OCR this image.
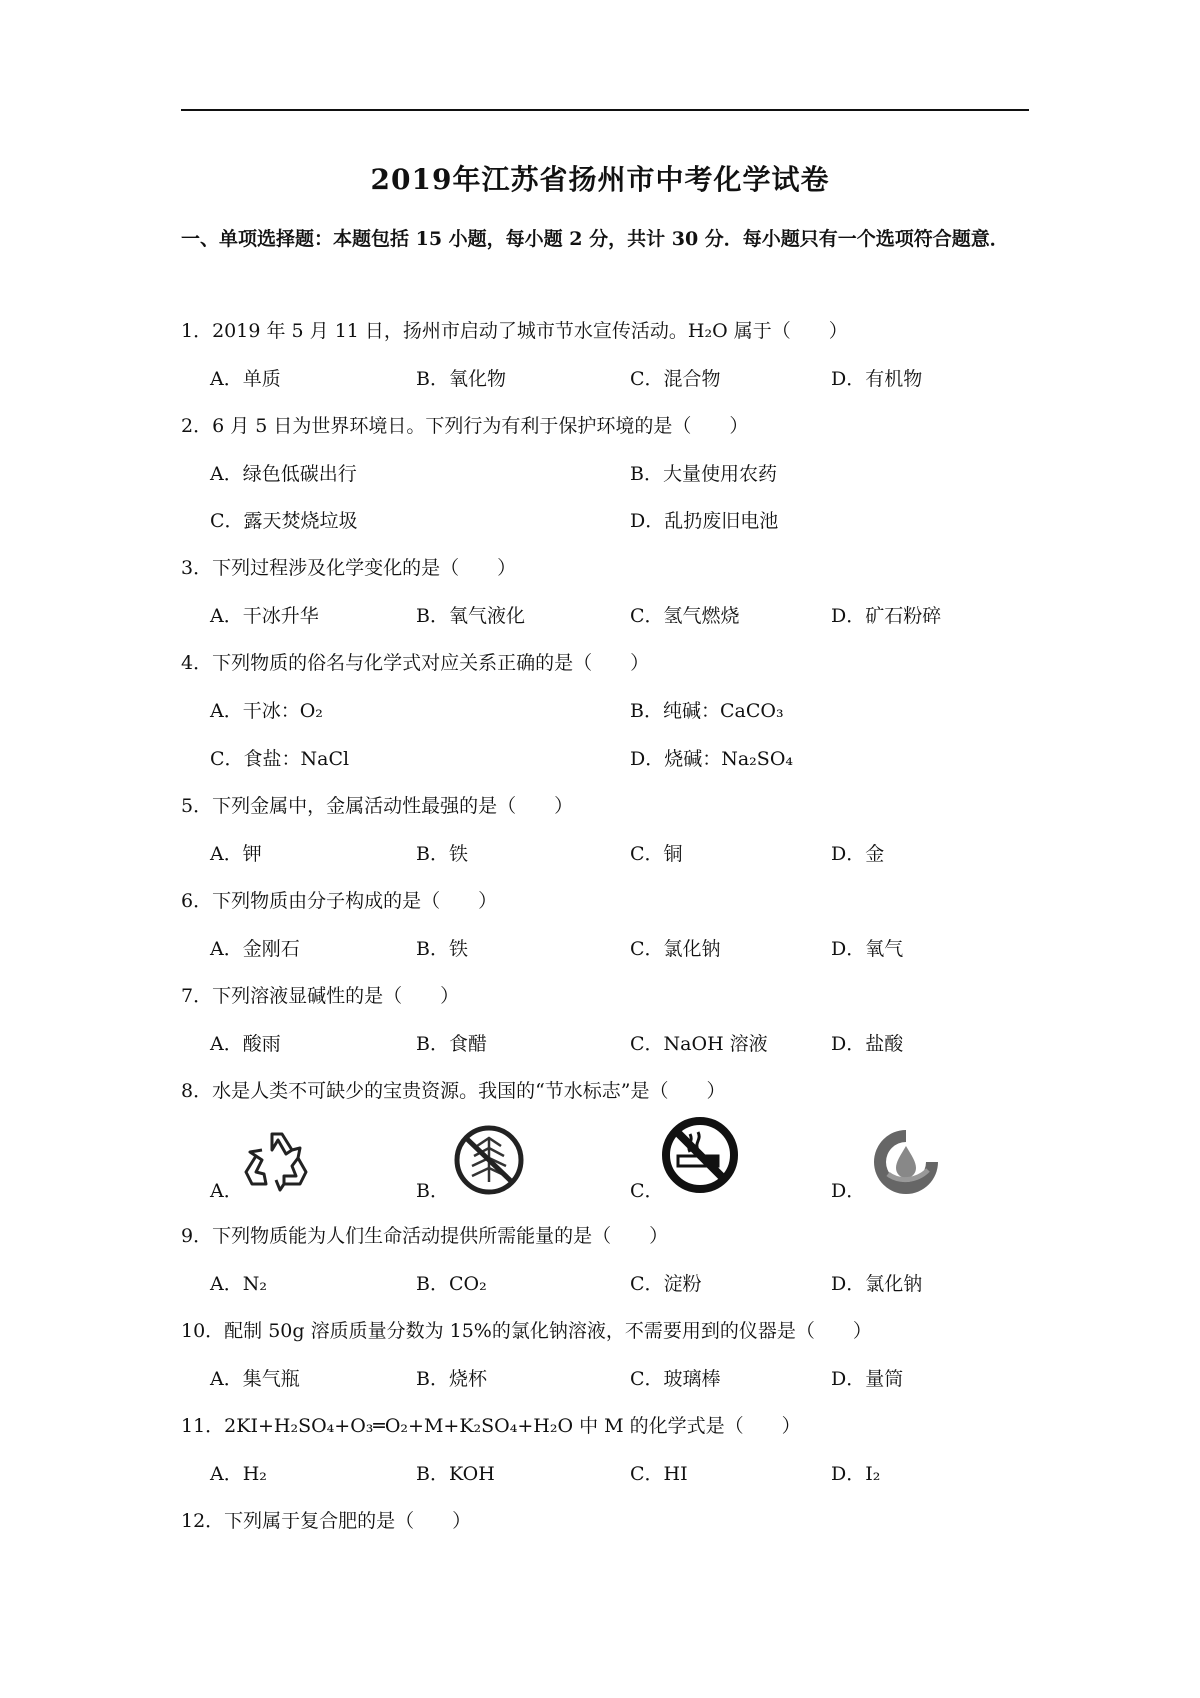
2019年江苏省扬州市中考化学试卷
一、单项选择题：本题包括 15 小题，每小题 2 分，共计 30 分．每小题只有一个选项符合题意．
1．2019 年 5 月 11 日，扬州市启动了城市节水宣传活动。H₂O 属于（　　）
A．单质	B．氧化物	C．混合物	D．有机物
2．6 月 5 日为世界环境日。下列行为有利于保护环境的是（　　）
A．绿色低碳出行	B．大量使用农药
C．露天焚烧垃圾	D．乱扔废旧电池
3．下列过程涉及化学变化的是（　　）
A．干冰升华	B．氧气液化	C．氢气燃烧	D．矿石粉碎
4．下列物质的俗名与化学式对应关系正确的是（　　）
A．干冰：O₂	B．纯碱：CaCO₃
C．食盐：NaCl	D．烧碱：Na₂SO₄
5．下列金属中，金属活动性最强的是（　　）
A．钾	B．铁	C．铜	D．金
6．下列物质由分子构成的是（　　）
A．金刚石	B．铁	C．氯化钠	D．氧气
7．下列溶液显碱性的是（　　）
A．酸雨	B．食醋	C．NaOH 溶液	D．盐酸
8．水是人类不可缺少的宝贵资源。我国的“节水标志”是（　　）
A．	B．	C．	D．
9．下列物质能为人们生命活动提供所需能量的是（　　）
A．N₂	B．CO₂	C．淀粉	D．氯化钠
10．配制 50g 溶质质量分数为 15%的氯化钠溶液，不需要用到的仪器是（　　）
A．集气瓶	B．烧杯	C．玻璃棒	D．量筒
11．2KI+H₂SO₄+O₃═O₂+M+K₂SO₄+H₂O 中 M 的化学式是（　　）
A．H₂	B．KOH	C．HI	D．I₂
12．下列属于复合肥的是（　　）
